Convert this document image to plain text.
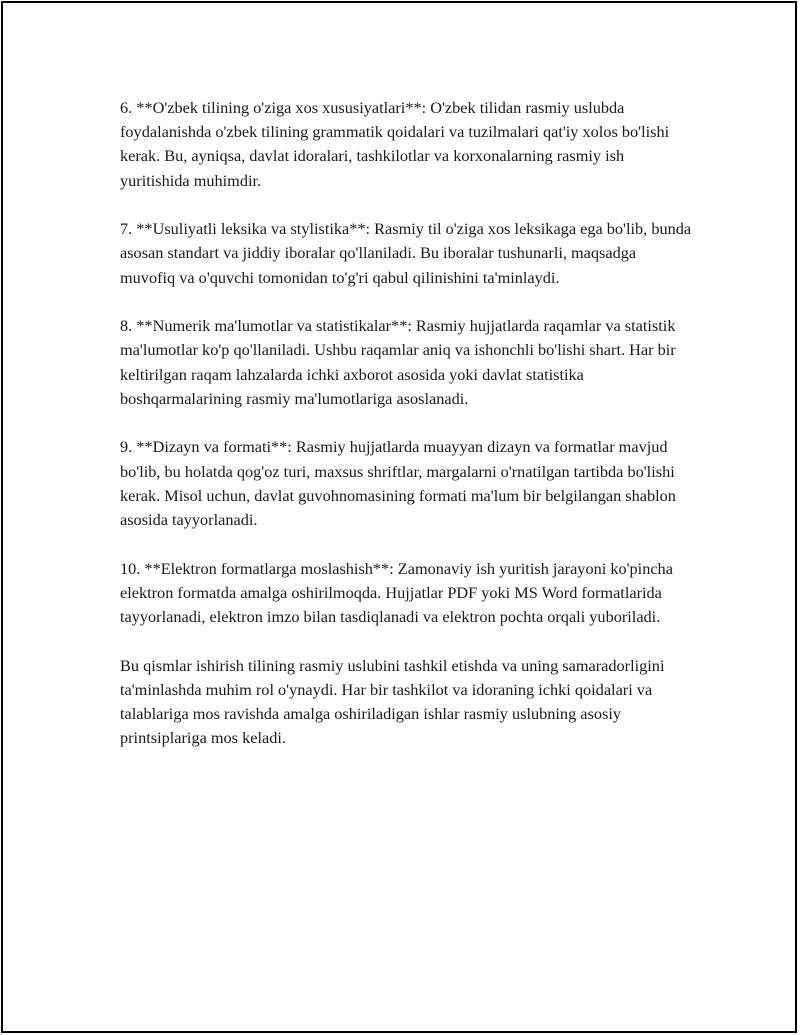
6. **O'zbek tilining o'ziga xos xususiyatlari**: O'zbek tilidan rasmiy uslubda foydalanishda o'zbek tilining grammatik qoidalari va tuzilmalari qat'iy xolos bo'lishi kerak. Bu, ayniqsa, davlat idoralari, tashkilotlar va korxonalarning rasmiy ish yuritishida muhimdir.

7. **Usuliyatli leksika va stylistika**: Rasmiy til o'ziga xos leksikaga ega bo'lib, bunda asosan standart va jiddiy iboralar qo'llaniladi. Bu iboralar tushunarli, maqsadga muvofiq va o'quvchi tomonidan to'g'ri qabul qilinishini ta'minlaydi.

8. **Numerik ma'lumotlar va statistikalar**: Rasmiy hujjatlarda raqamlar va statistik ma'lumotlar ko'p qo'llaniladi. Ushbu raqamlar aniq va ishonchli bo'lishi shart. Har bir keltirilgan raqam lahzalarda ichki axborot asosida yoki davlat statistika boshqarmalarining rasmiy ma'lumotlariga asoslanadi.

9. **Dizayn va formati**: Rasmiy hujjatlarda muayyan dizayn va formatlar mavjud bo'lib, bu holatda qog'oz turi, maxsus shriftlar, margalarni o'rnatilgan tartibda bo'lishi kerak. Misol uchun, davlat guvohnomasining formati ma'lum bir belgilangan shablon asosida tayyorlanadi.

10. **Elektron formatlarga moslashish**: Zamonaviy ish yuritish jarayoni ko'pincha elektron formatda amalga oshirilmoqda. Hujjatlar PDF yoki MS Word formatlarida tayyorlanadi, elektron imzo bilan tasdiqlanadi va elektron pochta orqali yuboriladi.

Bu qismlar ishirish tilining rasmiy uslubini tashkil etishda va uning samaradorligini ta'minlashda muhim rol o'ynaydi. Har bir tashkilot va idoraning ichki qoidalari va talablariga mos ravishda amalga oshiriladigan ishlar rasmiy uslubning asosiy printsiplariga mos keladi.
